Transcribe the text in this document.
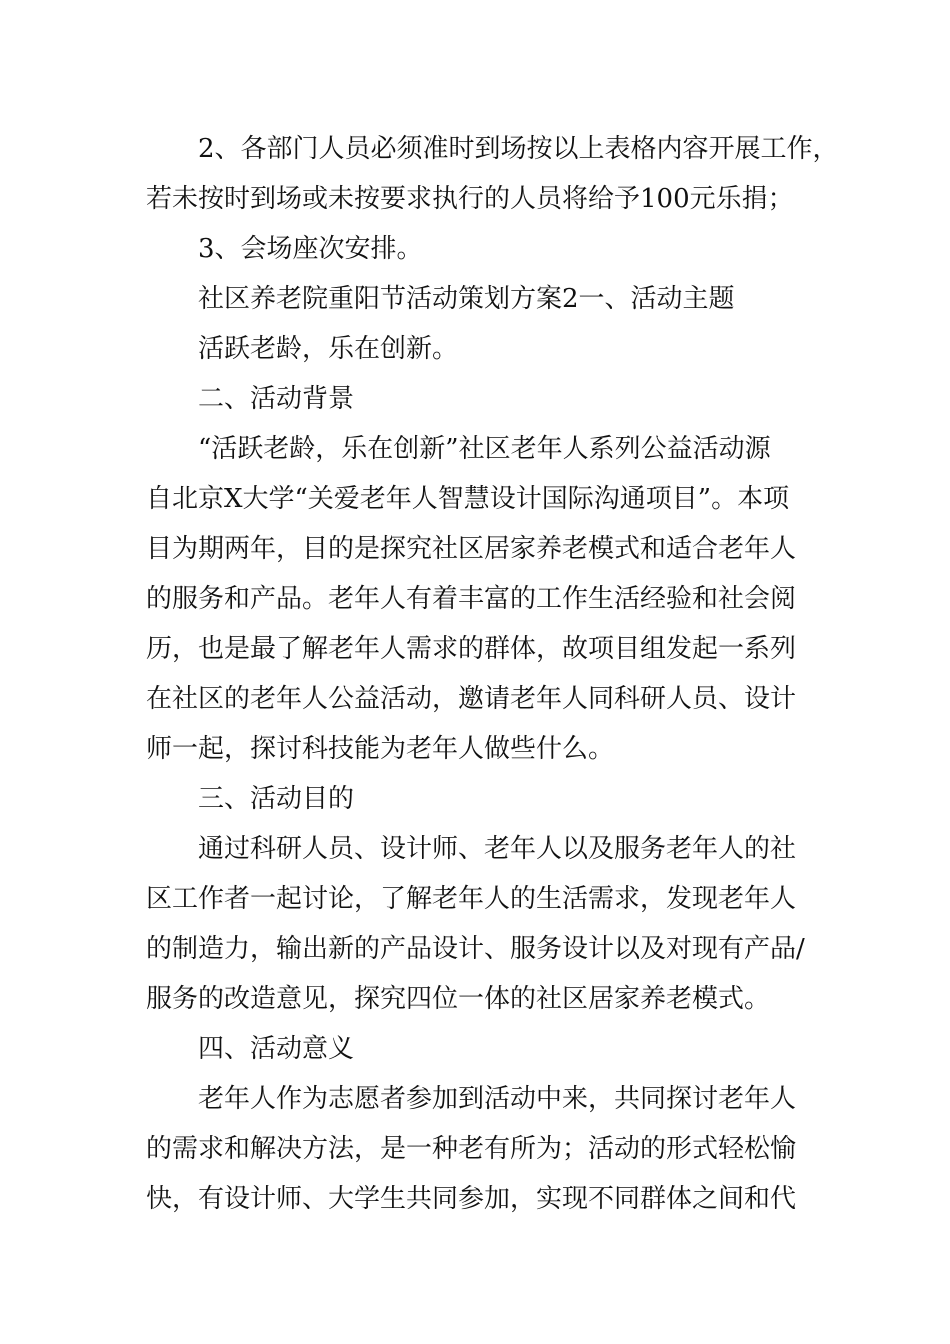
2、各部门人员必须准时到场按以上表格内容开展工作，
若未按时到场或未按要求执行的人员将给予100元乐捐；
3、会场座次安排。
社区养老院重阳节活动策划方案2一、活动主题
活跃老龄，乐在创新。
二、活动背景
“活跃老龄，乐在创新”社区老年人系列公益活动源
自北京X大学“关爱老年人智慧设计国际沟通项目”。本项
目为期两年，目的是探究社区居家养老模式和适合老年人
的服务和产品。老年人有着丰富的工作生活经验和社会阅
历，也是最了解老年人需求的群体，故项目组发起一系列
在社区的老年人公益活动，邀请老年人同科研人员、设计
师一起，探讨科技能为老年人做些什么。
三、活动目的
通过科研人员、设计师、老年人以及服务老年人的社
区工作者一起讨论，了解老年人的生活需求，发现老年人
的制造力，输出新的产品设计、服务设计以及对现有产品/
服务的改造意见，探究四位一体的社区居家养老模式。
四、活动意义
老年人作为志愿者参加到活动中来，共同探讨老年人
的需求和解决方法，是一种老有所为；活动的形式轻松愉
快，有设计师、大学生共同参加，实现不同群体之间和代
